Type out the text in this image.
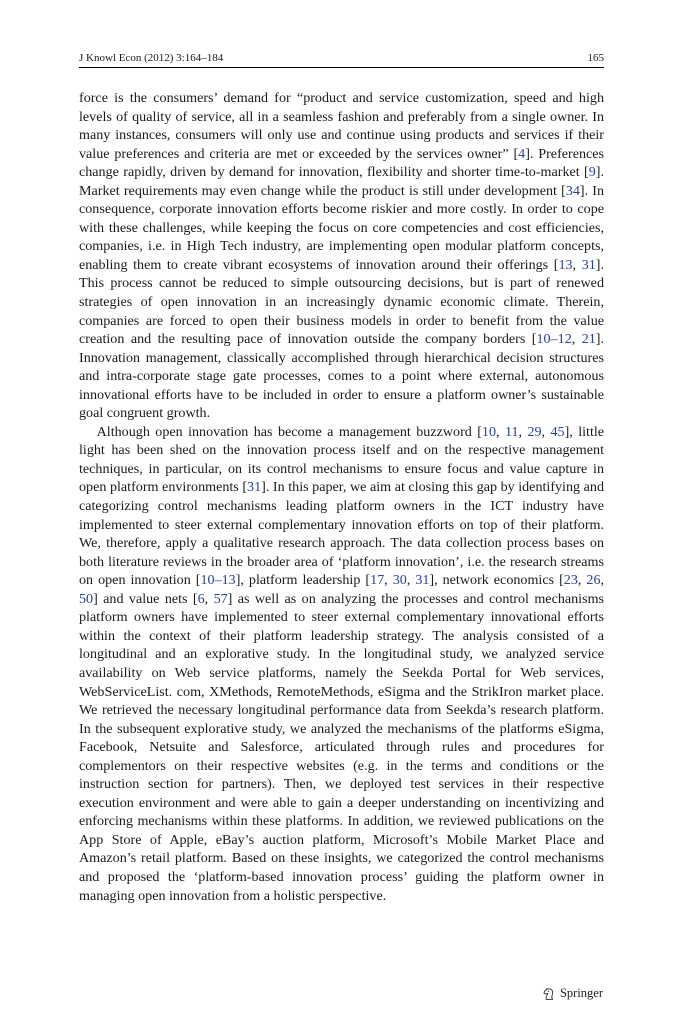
J Knowl Econ (2012) 3:164–184	165

force is the consumers’ demand for “product and service customization, speed and high levels of quality of service, all in a seamless fashion and preferably from a single owner. In many instances, consumers will only use and continue using products and services if their value preferences and criteria are met or exceeded by the services owner” [4]. Preferences change rapidly, driven by demand for innovation, flexibility and shorter time-to-market [9]. Market requirements may even change while the product is still under development [34]. In consequence, corporate innovation efforts become riskier and more costly. In order to cope with these challenges, while keeping the focus on core competencies and cost efficiencies, companies, i.e. in High Tech industry, are implementing open modular platform concepts, enabling them to create vibrant ecosystems of innovation around their offerings [13, 31]. This process cannot be reduced to simple outsourcing decisions, but is part of renewed strategies of open innovation in an increasingly dynamic economic climate. Therein, companies are forced to open their business models in order to benefit from the value creation and the resulting pace of innovation outside the company borders [10–12, 21]. Innovation management, classically accomplished through hierarchical decision structures and intra-corporate stage gate processes, comes to a point where external, autonomous innovational efforts have to be included in order to ensure a platform owner’s sustainable goal congruent growth.

Although open innovation has become a management buzzword [10, 11, 29, 45], little light has been shed on the innovation process itself and on the respective management techniques, in particular, on its control mechanisms to ensure focus and value capture in open platform environments [31]. In this paper, we aim at closing this gap by identifying and categorizing control mechanisms leading platform owners in the ICT industry have implemented to steer external complementary innovation efforts on top of their platform. We, therefore, apply a qualitative research approach. The data collection process bases on both literature reviews in the broader area of ‘platform innovation’, i.e. the research streams on open innovation [10–13], platform leadership [17, 30, 31], network economics [23, 26, 50] and value nets [6, 57] as well as on analyzing the processes and control mechanisms platform owners have implemented to steer external complementary innovational efforts within the context of their platform leadership strategy. The analysis consisted of a longitudinal and an explorative study. In the longitudinal study, we analyzed service availability on Web service platforms, namely the Seekda Portal for Web services, WebServiceList. com, XMethods, RemoteMethods, eSigma and the StrikIron market place. We retrieved the necessary longitudinal performance data from Seekda’s research platform. In the subsequent explorative study, we analyzed the mechanisms of the platforms eSigma, Facebook, Netsuite and Salesforce, articulated through rules and procedures for complementors on their respective websites (e.g. in the terms and conditions or the instruction section for partners). Then, we deployed test services in their respective execution environment and were able to gain a deeper understanding on incentivizing and enforcing mechanisms within these platforms. In addition, we reviewed publications on the App Store of Apple, eBay’s auction platform, Microsoft’s Mobile Market Place and Amazon’s retail platform. Based on these insights, we categorized the control mechanisms and proposed the ‘platform-based innovation process’ guiding the platform owner in managing open innovation from a holistic perspective.

Springer
